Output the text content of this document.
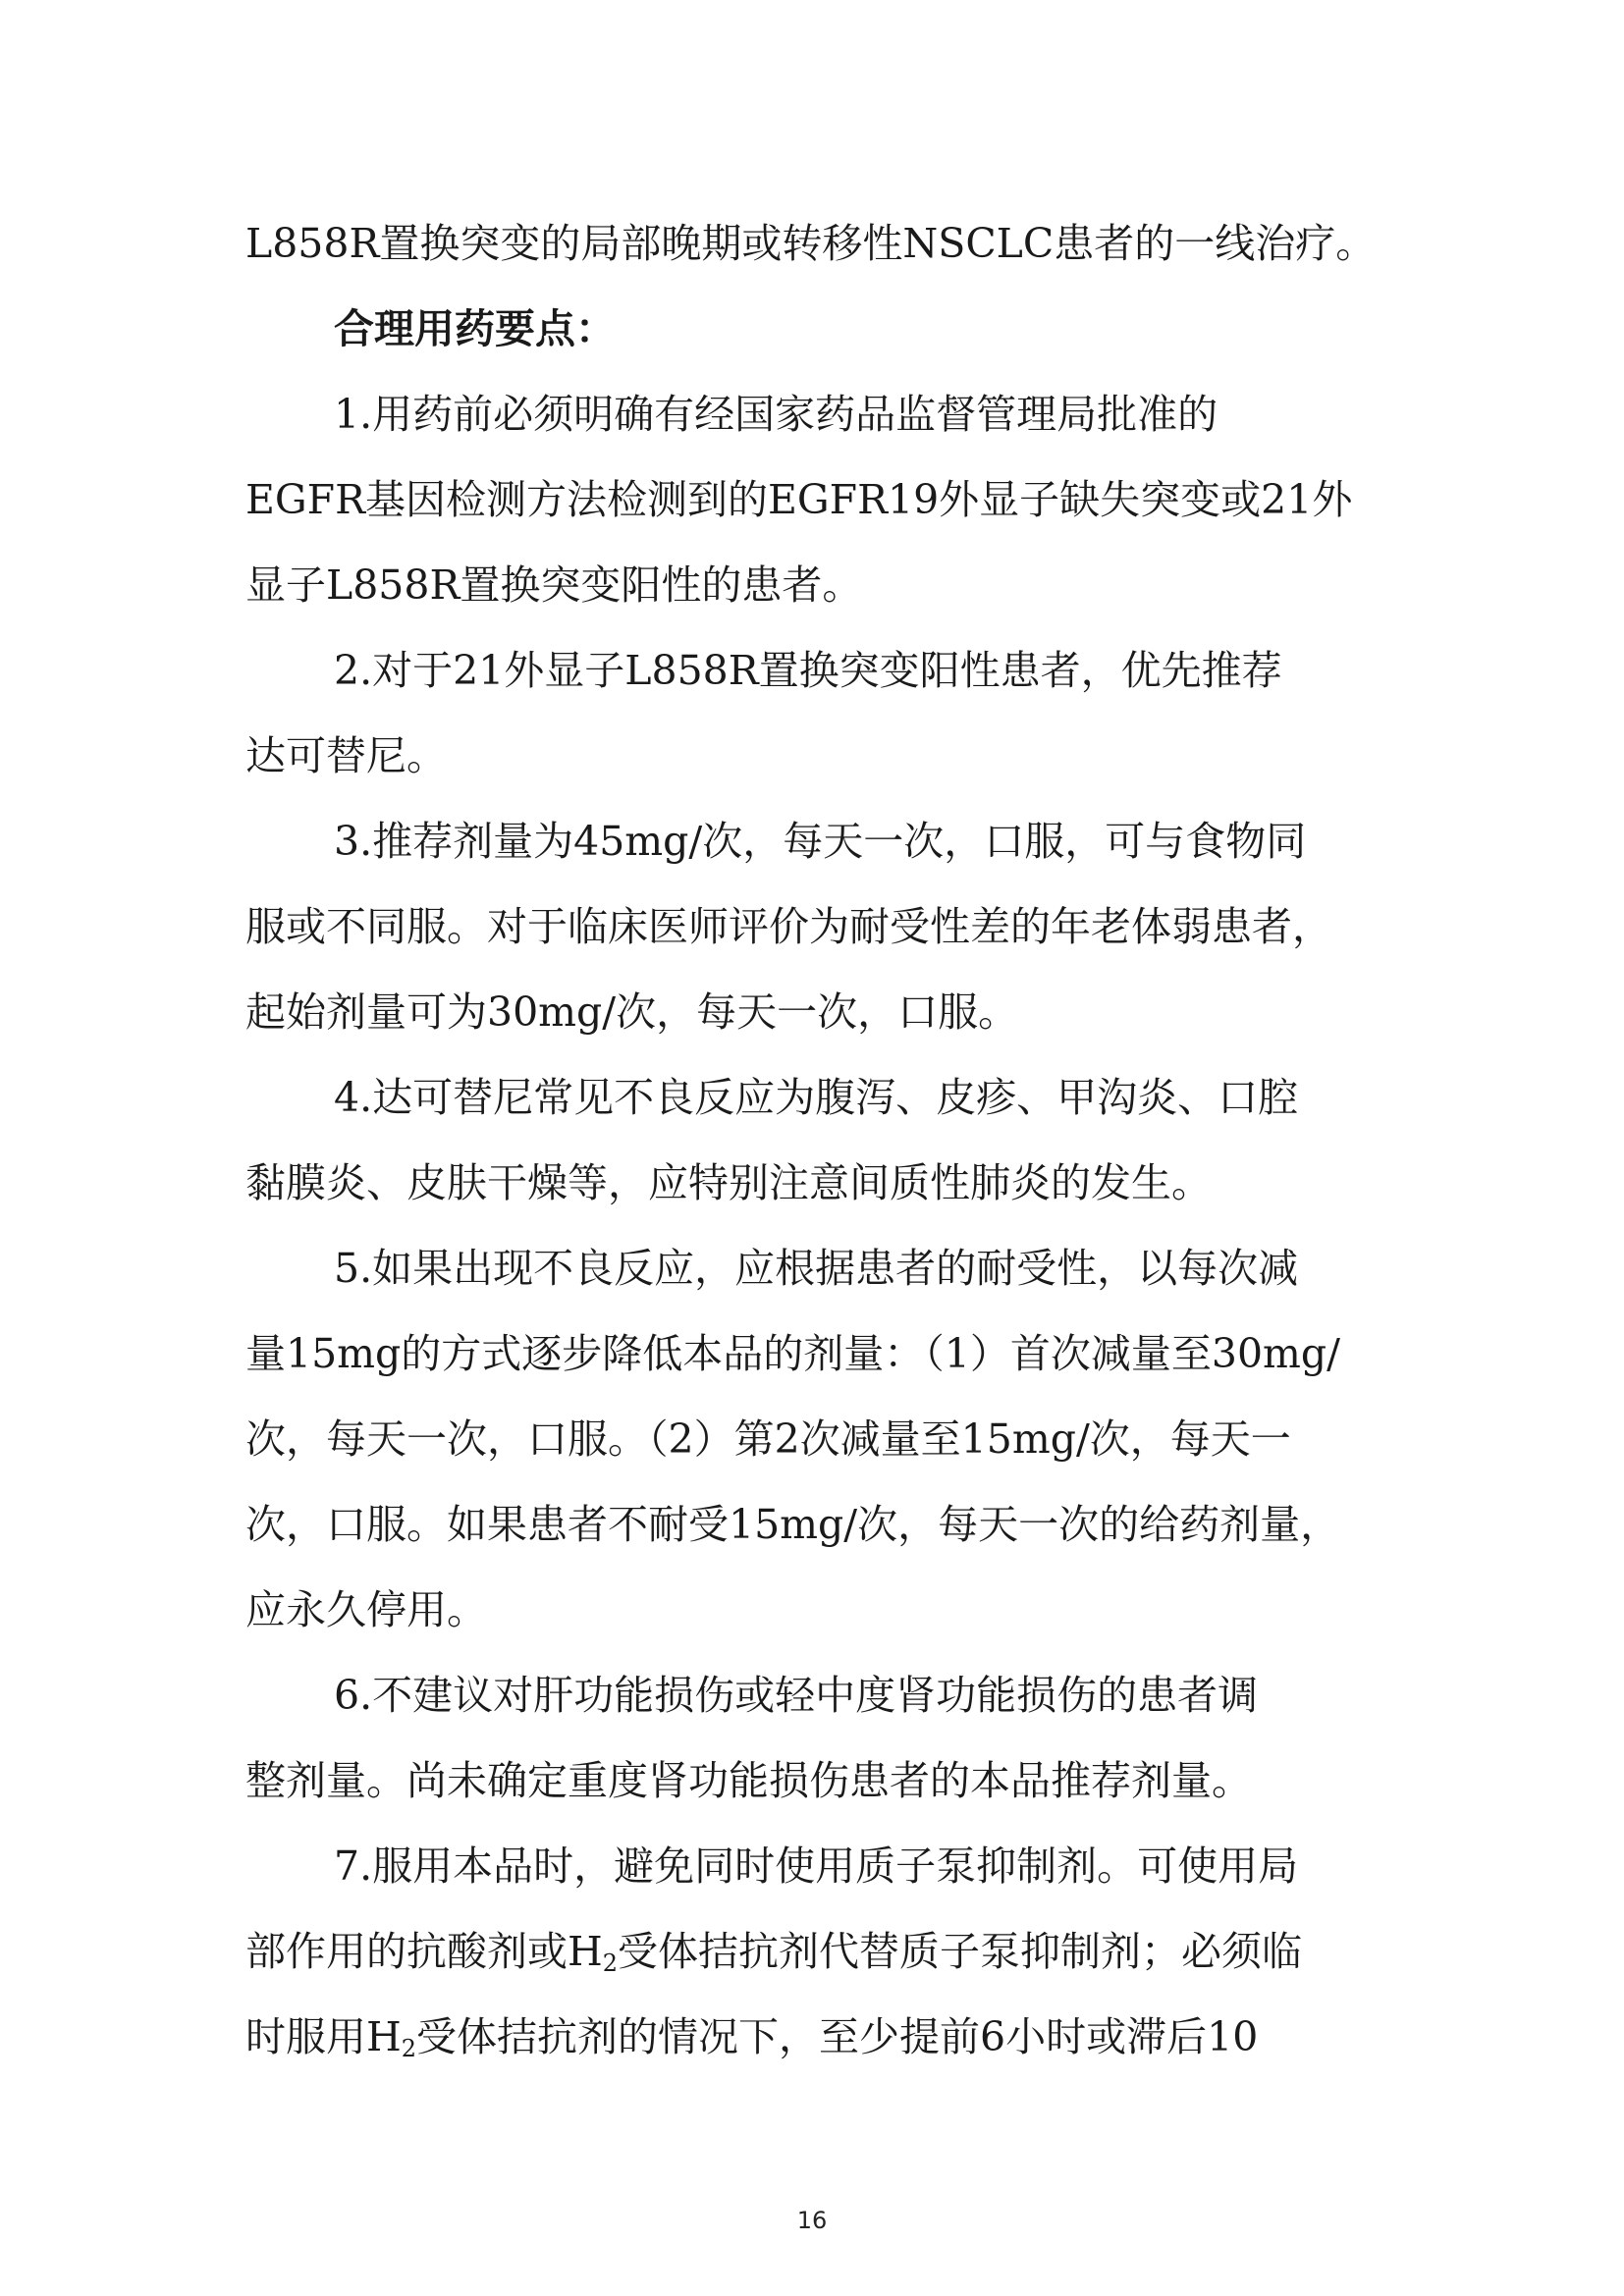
L858R置换突变的局部晚期或转移性NSCLC患者的一线治疗。
合理用药要点：
1.用药前必须明确有经国家药品监督管理局批准的
EGFR基因检测方法检测到的EGFR19外显子缺失突变或21外
显子L858R置换突变阳性的患者。
2.对于21外显子L858R置换突变阳性患者，优先推荐
达可替尼。
3.推荐剂量为45mg/次，每天一次，口服，可与食物同
服或不同服。对于临床医师评价为耐受性差的年老体弱患者，
起始剂量可为30mg/次，每天一次，口服。
4.达可替尼常见不良反应为腹泻、皮疹、甲沟炎、口腔
黏膜炎、皮肤干燥等，应特别注意间质性肺炎的发生。
5.如果出现不良反应，应根据患者的耐受性，以每次减
量15mg的方式逐步降低本品的剂量：（1）首次减量至30mg/
次，每天一次，口服。（2）第2次减量至15mg/次，每天一
次，口服。如果患者不耐受15mg/次，每天一次的给药剂量，
应永久停用。
6.不建议对肝功能损伤或轻中度肾功能损伤的患者调
整剂量。尚未确定重度肾功能损伤患者的本品推荐剂量。
7.服用本品时，避免同时使用质子泵抑制剂。可使用局
部作用的抗酸剂或$H_2$受体拮抗剂代替质子泵抑制剂；必须临
时服用$H_2$受体拮抗剂的情况下，至少提前6小时或滞后10
16
